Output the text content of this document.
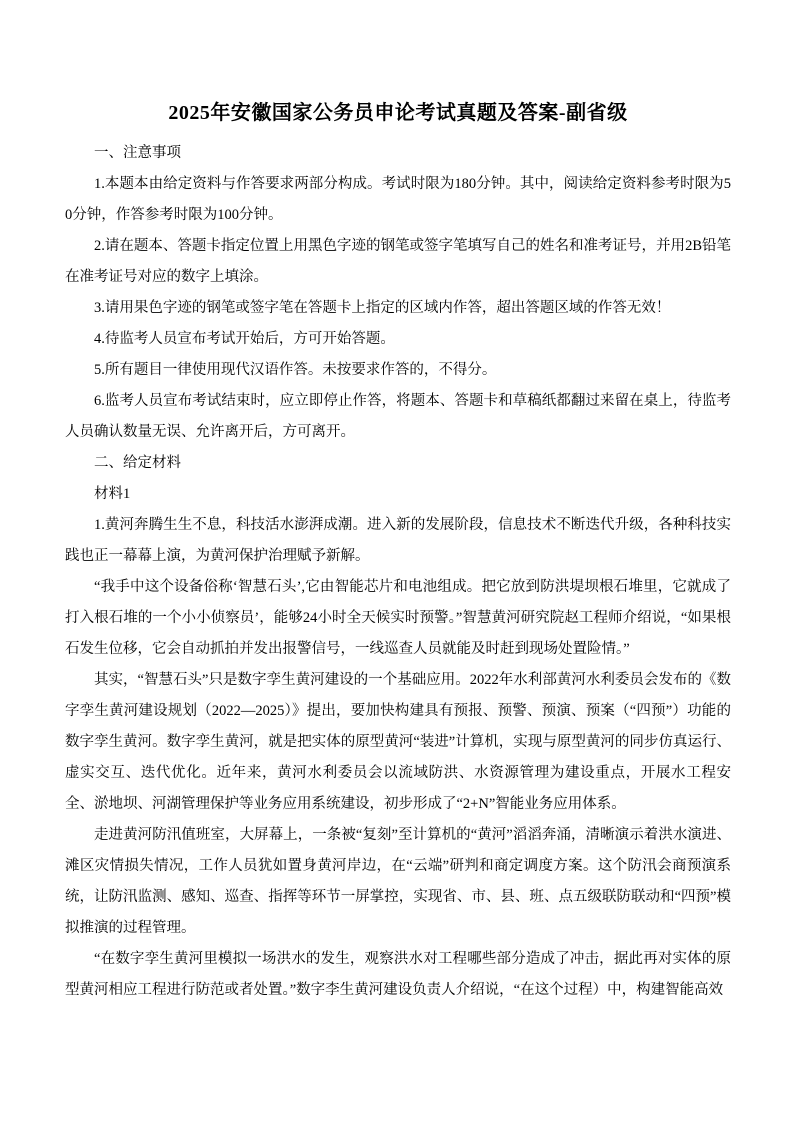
2025年安徽国家公务员申论考试真题及答案-副省级

一、注意事项

1.本题本由给定资料与作答要求两部分构成。考试时限为180分钟。其中，阅读给定资料参考时限为50分钟，作答参考时限为100分钟。

2.请在题本、答题卡指定位置上用黑色字迹的钢笔或签字笔填写自己的姓名和准考证号，并用2B铅笔在准考证号对应的数字上填涂。

3.请用果色字迹的钢笔或签字笔在答题卡上指定的区域内作答，超出答题区域的作答无效！

4.待监考人员宣布考试开始后，方可开始答题。

5.所有题目一律使用现代汉语作答。未按要求作答的，不得分。

6.监考人员宣布考试结束时，应立即停止作答，将题本、答题卡和草稿纸都翻过来留在桌上，待监考人员确认数量无误、允许离开后，方可离开。

二、给定材料

材料1

1.黄河奔腾生生不息，科技活水澎湃成潮。进入新的发展阶段，信息技术不断迭代升级，各种科技实践也正一幕幕上演，为黄河保护治理赋予新解。

“我手中这个设备俗称‘智慧石头’,它由智能芯片和电池组成。把它放到防洪堤坝根石堆里，它就成了打入根石堆的一个小小侦察员’，能够24小时全天候实时预警。”智慧黄河研究院赵工程师介绍说，“如果根石发生位移，它会自动抓拍并发出报警信号，一线巡查人员就能及时赶到现场处置险情。”

其实，“智慧石头”只是数字孪生黄河建设的一个基础应用。2022年水利部黄河水利委员会发布的《数字孪生黄河建设规划（2022—2025）》提出，要加快构建具有预报、预警、预演、预案（“四预”）功能的数字孪生黄河。数字孪生黄河，就是把实体的原型黄河“装进”计算机，实现与原型黄河的同步仿真运行、虚实交互、迭代优化。近年来，黄河水利委员会以流域防洪、水资源管理为建设重点，开展水工程安全、淤地坝、河湖管理保护等业务应用系统建设，初步形成了“2+N”智能业务应用体系。

走进黄河防汛值班室，大屏幕上，一条被“复刻”至计算机的“黄河”滔滔奔涌，清晰演示着洪水演进、滩区灾情损失情况，工作人员犹如置身黄河岸边，在“云端”研判和商定调度方案。这个防汛会商预演系统，让防汛监测、感知、巡查、指挥等环节一屏掌控，实现省、市、县、班、点五级联防联动和“四预”模拟推演的过程管理。

“在数字孪生黄河里模拟一场洪水的发生，观察洪水对工程哪些部分造成了冲击，据此再对实体的原型黄河相应工程进行防范或者处置。”数字李生黄河建设负责人介绍说，“在这个过程）中，构建智能高效
